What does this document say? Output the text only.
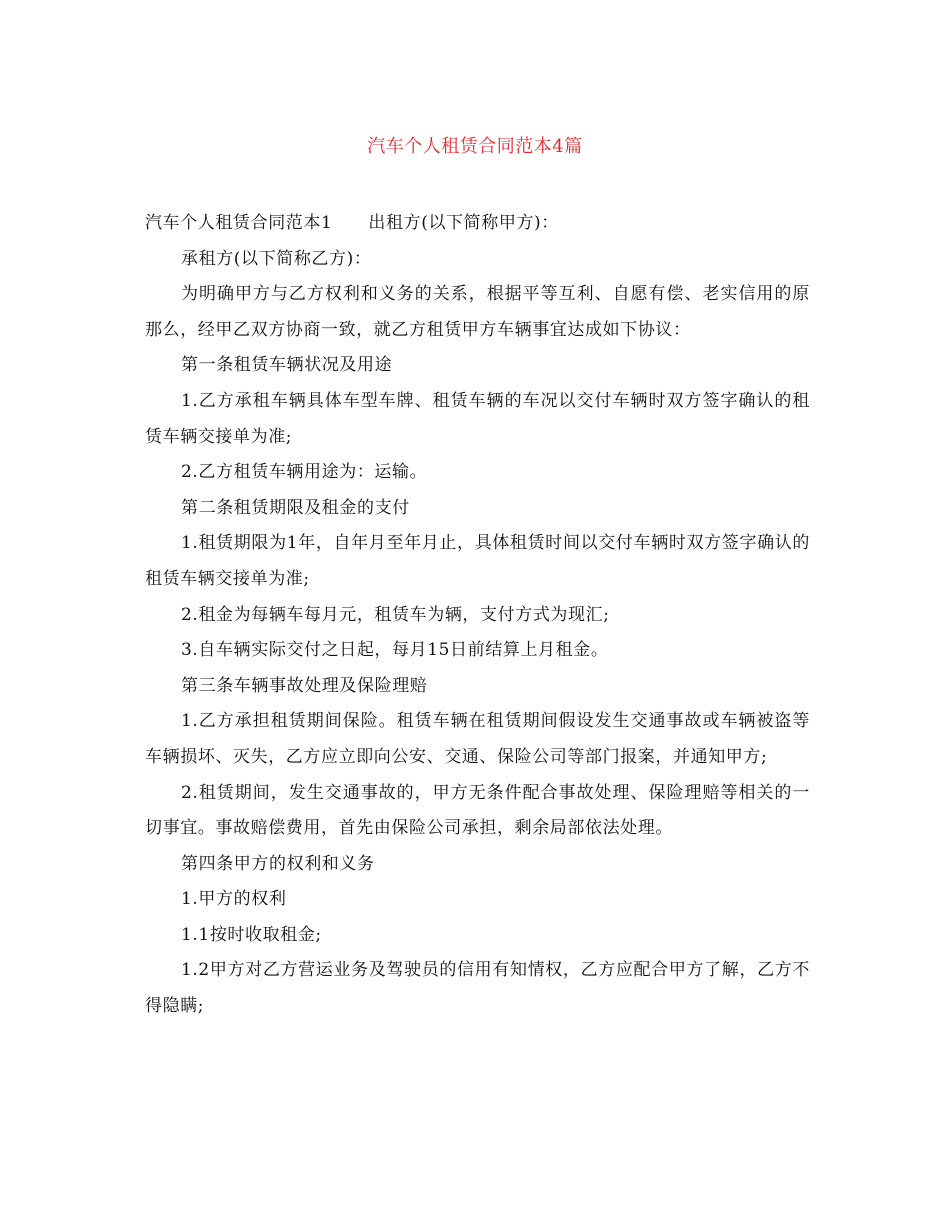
汽车个人租赁合同范本4篇

汽车个人租赁合同范本1 出租方(以下简称甲方)：

承租方(以下简称乙方)：

为明确甲方与乙方权利和义务的关系，根据平等互利、自愿有偿、老实信用的原那么，经甲乙双方协商一致，就乙方租赁甲方车辆事宜达成如下协议：

第一条租赁车辆状况及用途

1.乙方承租车辆具体车型车牌、租赁车辆的车况以交付车辆时双方签字确认的租赁车辆交接单为准;

2.乙方租赁车辆用途为：运输。

第二条租赁期限及租金的支付

1.租赁期限为1年，自年月至年月止，具体租赁时间以交付车辆时双方签字确认的租赁车辆交接单为准;

2.租金为每辆车每月元，租赁车为辆，支付方式为现汇;

3.自车辆实际交付之日起，每月15日前结算上月租金。

第三条车辆事故处理及保险理赔

1.乙方承担租赁期间保险。租赁车辆在租赁期间假设发生交通事故或车辆被盗等车辆损坏、灭失，乙方应立即向公安、交通、保险公司等部门报案，并通知甲方;

2.租赁期间，发生交通事故的，甲方无条件配合事故处理、保险理赔等相关的一切事宜。事故赔偿费用，首先由保险公司承担，剩余局部依法处理。

第四条甲方的权利和义务

1.甲方的权利

1.1按时收取租金;

1.2甲方对乙方营运业务及驾驶员的信用有知情权，乙方应配合甲方了解，乙方不得隐瞒;
